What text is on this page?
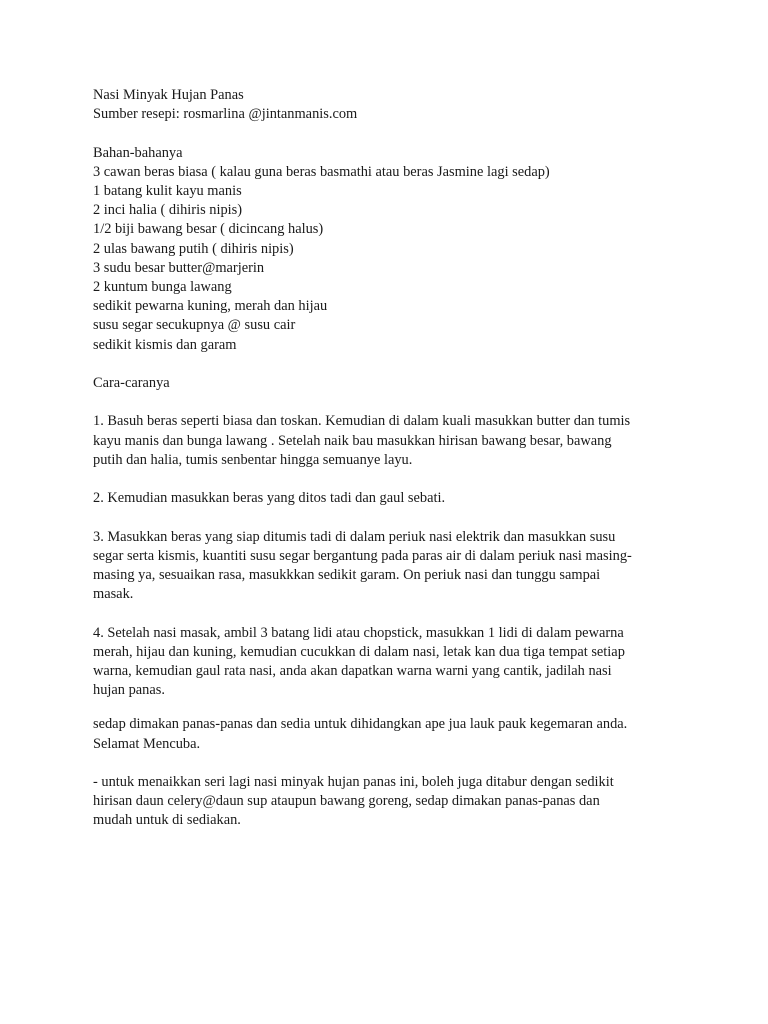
Nasi Minyak Hujan Panas
Sumber resepi: rosmarlina @jintanmanis.com

Bahan-bahanya
3 cawan beras biasa ( kalau guna beras basmathi atau beras Jasmine lagi sedap)
1 batang kulit kayu manis
2 inci halia ( dihiris nipis)
1/2 biji bawang besar ( dicincang halus)
2 ulas bawang putih ( dihiris nipis)
3 sudu besar butter@marjerin
2 kuntum bunga lawang
sedikit pewarna kuning, merah dan hijau
susu segar secukupnya @ susu cair
sedikit kismis dan garam

Cara-caranya

1. Basuh beras seperti biasa dan toskan. Kemudian di dalam kuali masukkan butter dan tumis
kayu manis dan bunga lawang . Setelah naik bau masukkan hirisan bawang besar, bawang
putih dan halia, tumis senbentar hingga semuanye layu.

2. Kemudian masukkan beras yang ditos tadi dan gaul sebati.

3. Masukkan beras yang siap ditumis tadi di dalam periuk nasi elektrik dan masukkan susu
segar serta kismis, kuantiti susu segar bergantung pada paras air di dalam periuk nasi masing-
masing ya, sesuaikan rasa, masukkkan sedikit garam. On periuk nasi dan tunggu sampai
masak.

4. Setelah nasi masak, ambil 3 batang lidi atau chopstick, masukkan 1 lidi di dalam pewarna
merah, hijau dan kuning, kemudian cucukkan di dalam nasi, letak kan dua tiga tempat setiap
warna, kemudian gaul rata nasi, anda akan dapatkan warna warni yang cantik, jadilah nasi
hujan panas.

sedap dimakan panas-panas dan sedia untuk dihidangkan ape jua lauk pauk kegemaran anda.
Selamat Mencuba.

- untuk menaikkan seri lagi nasi minyak hujan panas ini, boleh juga ditabur dengan sedikit
hirisan daun celery@daun sup ataupun bawang goreng, sedap dimakan panas-panas dan
mudah untuk di sediakan.
